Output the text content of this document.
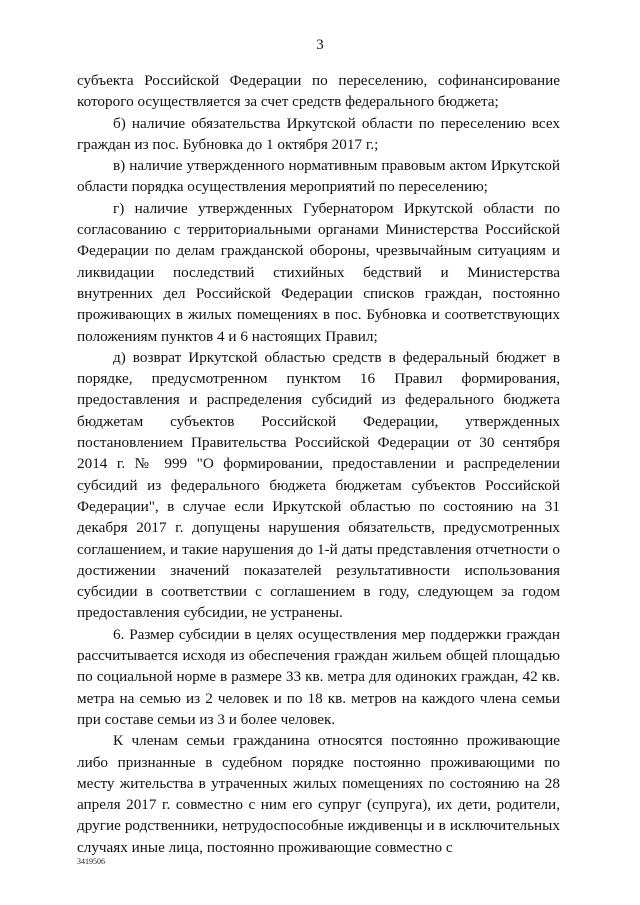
3

субъекта Российской Федерации по переселению, софинансирование которого осуществляется за счет средств федерального бюджета;

б) наличие обязательства Иркутской области по переселению всех граждан из пос. Бубновка до 1 октября 2017 г.;

в) наличие утвержденного нормативным правовым актом Иркутской области порядка осуществления мероприятий по переселению;

г) наличие утвержденных Губернатором Иркутской области по согласованию с территориальными органами Министерства Российской Федерации по делам гражданской обороны, чрезвычайным ситуациям и ликвидации последствий стихийных бедствий и Министерства внутренних дел Российской Федерации списков граждан, постоянно проживающих в жилых помещениях в пос. Бубновка и соответствующих положениям пунктов 4 и 6 настоящих Правил;

д) возврат Иркутской областью средств в федеральный бюджет в порядке, предусмотренном пунктом 16 Правил формирования, предоставления и распределения субсидий из федерального бюджета бюджетам субъектов Российской Федерации, утвержденных постановлением Правительства Российской Федерации от 30 сентября 2014 г. № 999 "О формировании, предоставлении и распределении субсидий из федерального бюджета бюджетам субъектов Российской Федерации", в случае если Иркутской областью по состоянию на 31 декабря 2017 г. допущены нарушения обязательств, предусмотренных соглашением, и такие нарушения до 1-й даты представления отчетности о достижении значений показателей результативности использования субсидии в соответствии с соглашением в году, следующем за годом предоставления субсидии, не устранены.

6. Размер субсидии в целях осуществления мер поддержки граждан рассчитывается исходя из обеспечения граждан жильем общей площадью по социальной норме в размере 33 кв. метра для одиноких граждан, 42 кв. метра на семью из 2 человек и по 18 кв. метров на каждого члена семьи при составе семьи из 3 и более человек.

К членам семьи гражданина относятся постоянно проживающие либо признанные в судебном порядке постоянно проживающими по месту жительства в утраченных жилых помещениях по состоянию на 28 апреля 2017 г. совместно с ним его супруг (супруга), их дети, родители, другие родственники, нетрудоспособные иждивенцы и в исключительных случаях иные лица, постоянно проживающие совместно с

3419506
